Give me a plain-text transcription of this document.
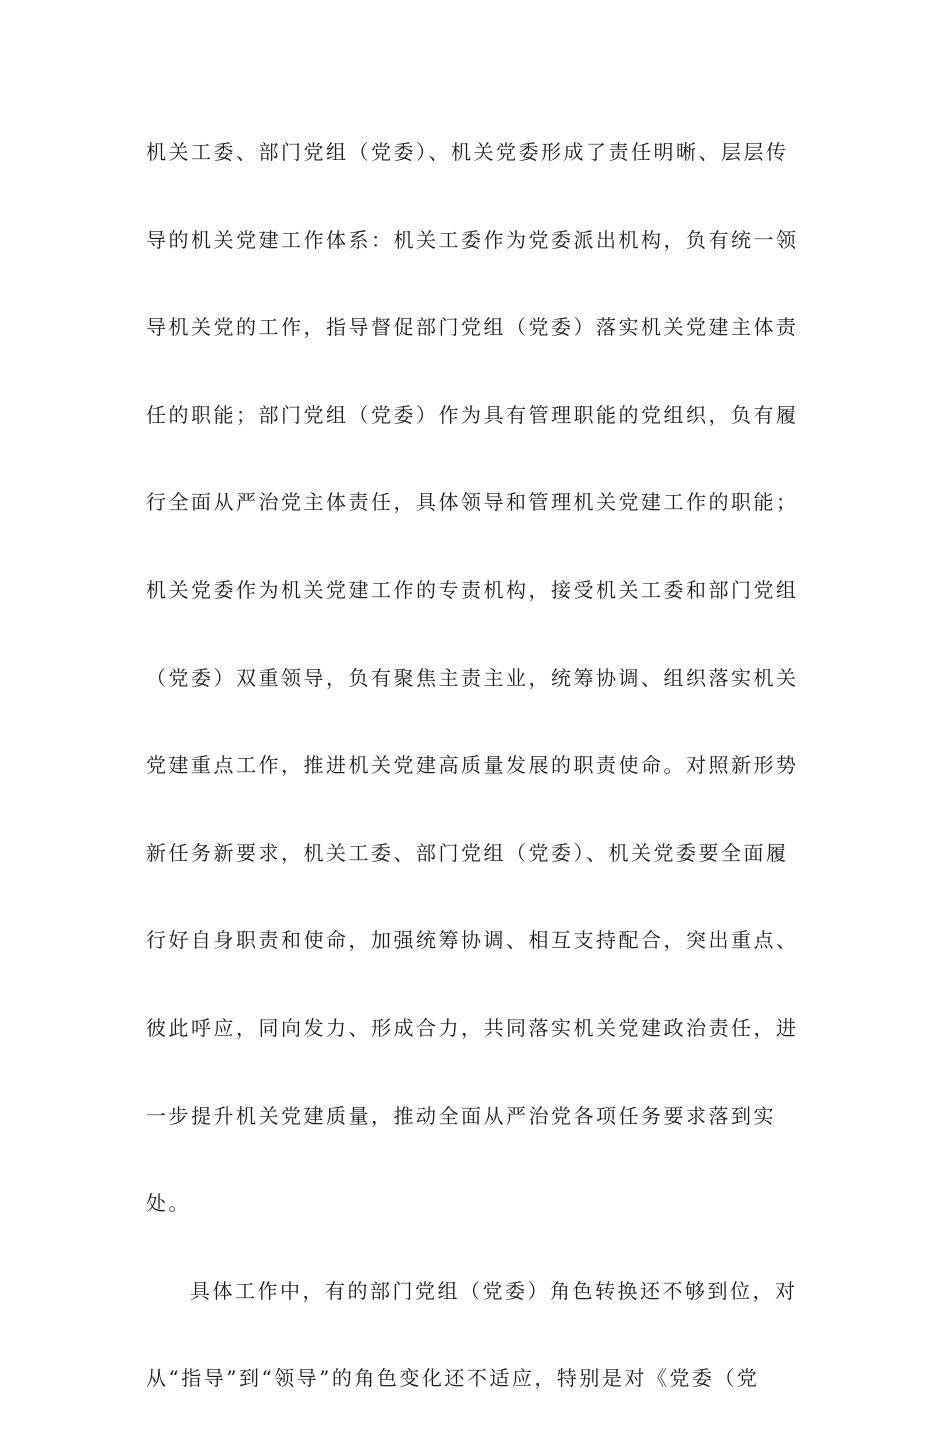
机关工委、部门党组（党委）、机关党委形成了责任明晰、层层传
导的机关党建工作体系：机关工委作为党委派出机构，负有统一领
导机关党的工作，指导督促部门党组（党委）落实机关党建主体责
任的职能；部门党组（党委）作为具有管理职能的党组织，负有履
行全面从严治党主体责任，具体领导和管理机关党建工作的职能；
机关党委作为机关党建工作的专责机构，接受机关工委和部门党组
（党委）双重领导，负有聚焦主责主业，统筹协调、组织落实机关
党建重点工作，推进机关党建高质量发展的职责使命。对照新形势
新任务新要求，机关工委、部门党组（党委）、机关党委要全面履
行好自身职责和使命，加强统筹协调、相互支持配合，突出重点、
彼此呼应，同向发力、形成合力，共同落实机关党建政治责任，进
一步提升机关党建质量，推动全面从严治党各项任务要求落到实
处。
具体工作中，有的部门党组（党委）角色转换还不够到位，对
从“指导”到“领导”的角色变化还不适应，特别是对《党委（党
